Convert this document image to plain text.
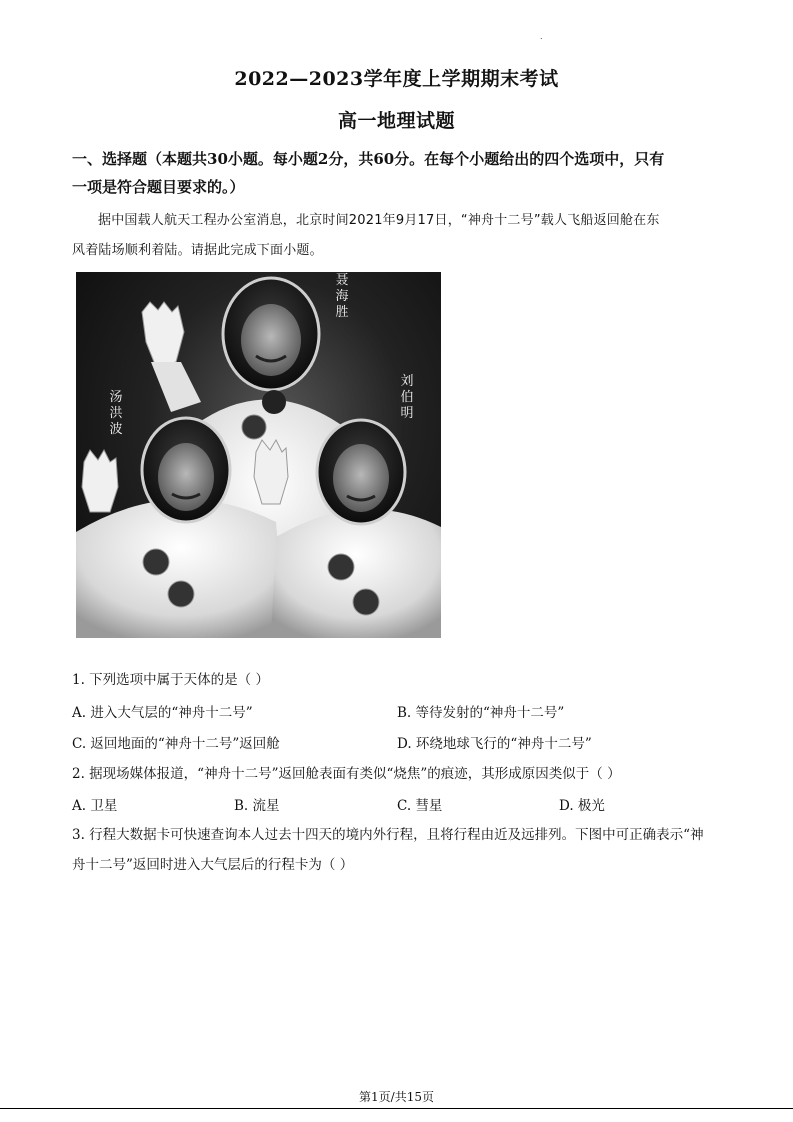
.
2022—2023学年度上学期期末考试
高一地理试题
一、选择题（本题共30小题。每小题2分，共60分。在每个小题给出的四个选项中，只有
一项是符合题目要求的。）
据中国载人航天工程办公室消息，北京时间2021年9月17日，“神舟十二号”载人飞船返回舱在东
风着陆场顺利着陆。请据此完成下面小题。
聂
海
胜
汤
洪
波
刘
伯
明
1. 下列选项中属于天体的是（ ）
A. 进入大气层的“神舟十二号”	B. 等待发射的“神舟十二号”
C. 返回地面的“神舟十二号”返回舱	D. 环绕地球飞行的“神舟十二号”
2. 据现场媒体报道，“神舟十二号”返回舱表面有类似“烧焦”的痕迹，其形成原因类似于（ ）
A. 卫星	B. 流星	C. 彗星	D. 极光
3. 行程大数据卡可快速查询本人过去十四天的境内外行程，且将行程由近及远排列。下图中可正确表示“神
舟十二号”返回时进入大气层后的行程卡为（ ）
第1页/共15页
